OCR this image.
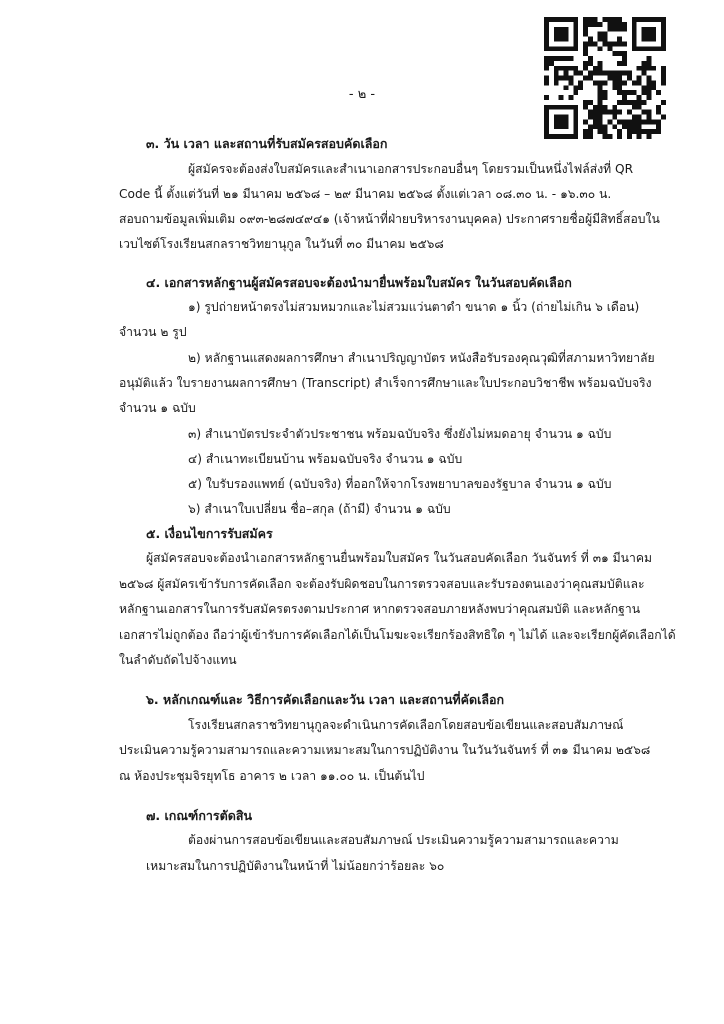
- ๒ -
๓. วัน เวลา และสถานที่รับสมัครสอบคัดเลือก
ผู้สมัครจะต้องส่งใบสมัครและสำเนาเอกสารประกอบอื่นๆ โดยรวมเป็นหนึ่งไฟล์ส่งที่ QR
Code นี้ ตั้งแต่วันที่ ๒๑ มีนาคม ๒๕๖๘ – ๒๙ มีนาคม ๒๕๖๘ ตั้งแต่เวลา ๐๘.๓๐ น. - ๑๖.๓๐ น.
สอบถามข้อมูลเพิ่มเติม ๐๙๓-๒๘๗๔๙๔๑ (เจ้าหน้าที่ฝ่ายบริหารงานบุคคล) ประกาศรายชื่อผู้มีสิทธิ์สอบใน
เวบไซต์โรงเรียนสกลราชวิทยานุกูล ในวันที่ ๓๐ มีนาคม ๒๕๖๘
๔. เอกสารหลักฐานผู้สมัครสอบจะต้องนำมายื่นพร้อมใบสมัคร ในวันสอบคัดเลือก
๑) รูปถ่ายหน้าตรงไม่สวมหมวกและไม่สวมแว่นตาดำ ขนาด ๑ นิ้ว (ถ่ายไม่เกิน ๖ เดือน)
จำนวน ๒ รูป
๒) หลักฐานแสดงผลการศึกษา สำเนาปริญญาบัตร หนังสือรับรองคุณวุฒิที่สภามหาวิทยาลัย
อนุมัติแล้ว ใบรายงานผลการศึกษา (Transcript) สำเร็จการศึกษาและใบประกอบวิชาชีพ พร้อมฉบับจริง
จำนวน ๑ ฉบับ
๓) สำเนาบัตรประจำตัวประชาชน พร้อมฉบับจริง ซึ่งยังไม่หมดอายุ จำนวน ๑ ฉบับ
๔) สำเนาทะเบียนบ้าน พร้อมฉบับจริง จำนวน ๑ ฉบับ
๕) ใบรับรองแพทย์ (ฉบับจริง) ที่ออกให้จากโรงพยาบาลของรัฐบาล จำนวน ๑ ฉบับ
๖) สำเนาใบเปลี่ยน ชื่อ–สกุล (ถ้ามี) จำนวน ๑ ฉบับ
๕. เงื่อนไขการรับสมัคร
ผู้สมัครสอบจะต้องนำเอกสารหลักฐานยื่นพร้อมใบสมัคร ในวันสอบคัดเลือก วันจันทร์ ที่ ๓๑ มีนาคม
๒๕๖๘ ผู้สมัครเข้ารับการคัดเลือก จะต้องรับผิดชอบในการตรวจสอบและรับรองตนเองว่าคุณสมบัติและ
หลักฐานเอกสารในการรับสมัครตรงตามประกาศ หากตรวจสอบภายหลังพบว่าคุณสมบัติ และหลักฐาน
เอกสารไม่ถูกต้อง ถือว่าผู้เข้ารับการคัดเลือกได้เป็นโมฆะจะเรียกร้องสิทธิใด ๆ ไม่ได้ และจะเรียกผู้คัดเลือกได้
ในลำดับถัดไปจ้างแทน
๖. หลักเกณฑ์และ วิธีการคัดเลือกและวัน เวลา และสถานที่คัดเลือก
โรงเรียนสกลราชวิทยานุกูลจะดำเนินการคัดเลือกโดยสอบข้อเขียนและสอบสัมภาษณ์
ประเมินความรู้ความสามารถและความเหมาะสมในการปฏิบัติงาน ในวันวันจันทร์ ที่ ๓๑ มีนาคม ๒๕๖๘
ณ ห้องประชุมจิรยุทโธ อาคาร ๒ เวลา ๑๑.๐๐ น. เป็นต้นไป
๗. เกณฑ์การตัดสิน
ต้องผ่านการสอบข้อเขียนและสอบสัมภาษณ์ ประเมินความรู้ความสามารถและความ
เหมาะสมในการปฏิบัติงานในหน้าที่ ไม่น้อยกว่าร้อยละ ๖๐
